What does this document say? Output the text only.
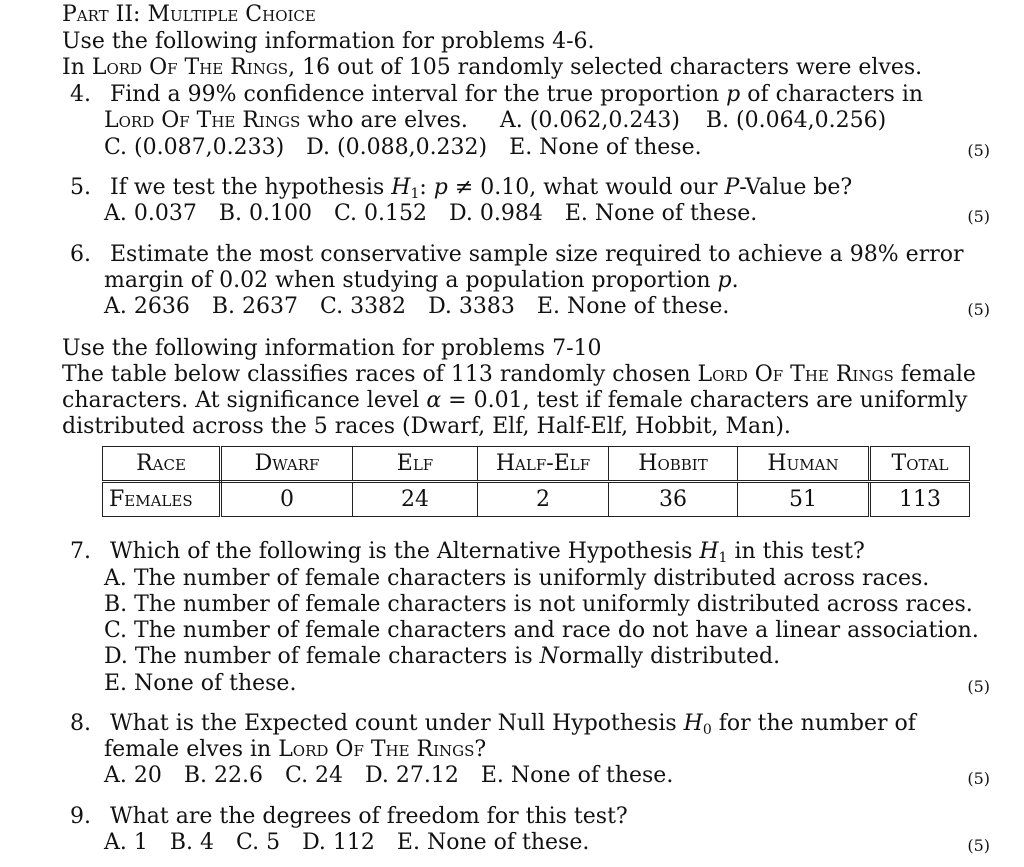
Part II: Multiple Choice
Use the following information for problems 4-6.
In Lord Of The Rings, 16 out of 105 randomly selected characters were elves.
4. Find a 99% confidence interval for the true proportion p of characters in
Lord Of The Rings who are elves. A. (0.062,0.243) B. (0.064,0.256)
C. (0.087,0.233) D. (0.088,0.232) E. None of these.	(5)
5. If we test the hypothesis $H_1$: p ≠ 0.10, what would our P-Value be?
A. 0.037 B. 0.100 C. 0.152 D. 0.984 E. None of these.	(5)
6. Estimate the most conservative sample size required to achieve a 98% error
margin of 0.02 when studying a population proportion p.
A. 2636 B. 2637 C. 3382 D. 3383 E. None of these.	(5)
Use the following information for problems 7-10
The table below classifies races of 113 randomly chosen Lord Of The Rings female
characters. At significance level α = 0.01, test if female characters are uniformly
distributed across the 5 races (Dwarf, Elf, Half-Elf, Hobbit, Man).
Race	Dwarf	Elf	Half-Elf	Hobbit	Human	Total
Females	0	24	2	36	51	113
7. Which of the following is the Alternative Hypothesis $H_1$ in this test?
A. The number of female characters is uniformly distributed across races.
B. The number of female characters is not uniformly distributed across races.
C. The number of female characters and race do not have a linear association.
D. The number of female characters is Normally distributed.
E. None of these.	(5)
8. What is the Expected count under Null Hypothesis $H_0$ for the number of
female elves in Lord Of The Rings?
A. 20 B. 22.6 C. 24 D. 27.12 E. None of these.	(5)
9. What are the degrees of freedom for this test?
A. 1 B. 4 C. 5 D. 112 E. None of these.	(5)
